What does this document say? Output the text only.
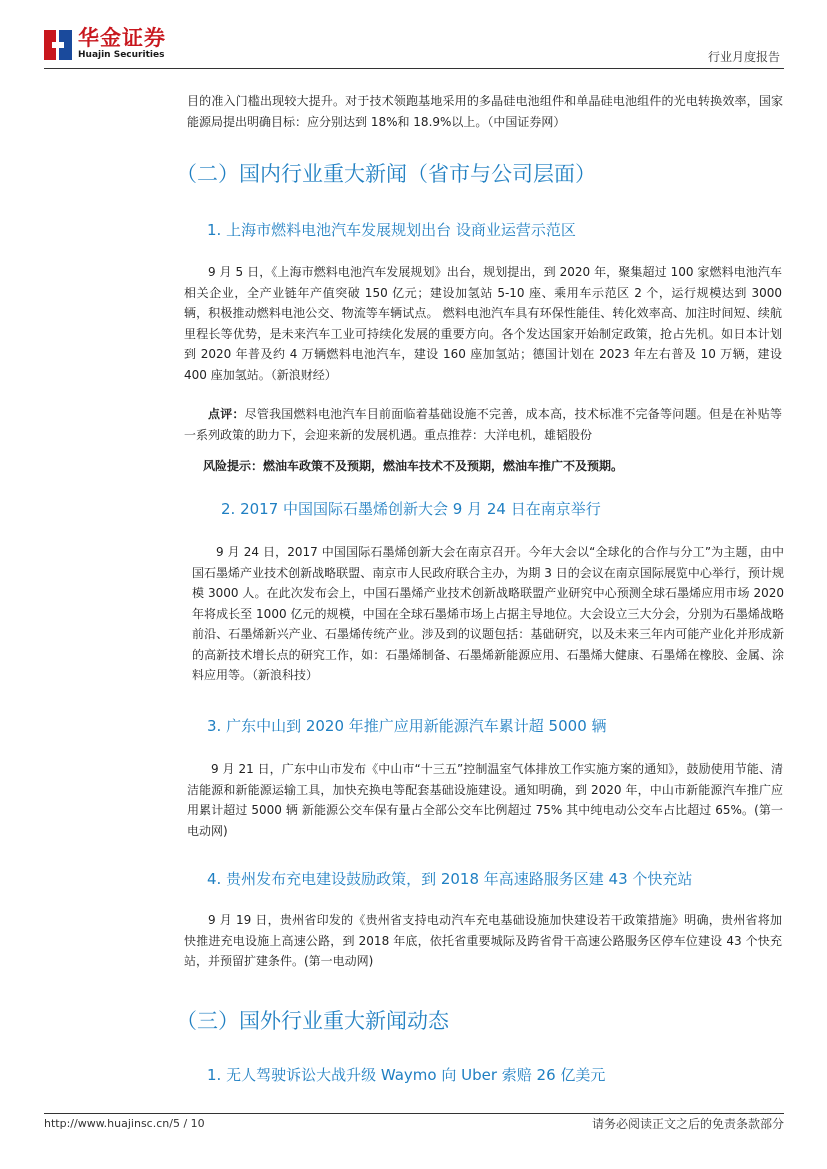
华金证券
Huajin Securities	行业月度报告
目的准入门槛出现较大提升。对于技术领跑基地采用的多晶硅电池组件和单晶硅电池组件的光电转换效率，国家能源局提出明确目标：应分别达到 18%和 18.9%以上。（中国证券网）
（二）国内行业重大新闻（省市与公司层面）
1. 上海市燃料电池汽车发展规划出台 设商业运营示范区
9 月 5 日，《上海市燃料电池汽车发展规划》出台，规划提出，到 2020 年，聚集超过 100 家燃料电池汽车相关企业，全产业链年产值突破 150 亿元；建设加氢站 5-10 座、乘用车示范区 2 个，运行规模达到 3000 辆，积极推动燃料电池公交、物流等车辆试点。 燃料电池汽车具有环保性能佳、转化效率高、加注时间短、续航里程长等优势，是未来汽车工业可持续化发展的重要方向。各个发达国家开始制定政策，抢占先机。如日本计划到 2020 年普及约 4 万辆燃料电池汽车，建设 160 座加氢站；德国计划在 2023 年左右普及 10 万辆，建设 400 座加氢站。（新浪财经）
点评：尽管我国燃料电池汽车目前面临着基础设施不完善，成本高，技术标准不完备等问题。但是在补贴等一系列政策的助力下，会迎来新的发展机遇。重点推荐：大洋电机，雄韬股份
风险提示：燃油车政策不及预期，燃油车技术不及预期，燃油车推广不及预期。
2. 2017 中国国际石墨烯创新大会 9 月 24 日在南京举行
9 月 24 日，2017 中国国际石墨烯创新大会在南京召开。今年大会以“全球化的合作与分工”为主题，由中国石墨烯产业技术创新战略联盟、南京市人民政府联合主办，为期 3 日的会议在南京国际展览中心举行，预计规模 3000 人。在此次发布会上，中国石墨烯产业技术创新战略联盟产业研究中心预测全球石墨烯应用市场 2020 年将成长至 1000 亿元的规模，中国在全球石墨烯市场上占据主导地位。大会设立三大分会，分别为石墨烯战略前沿、石墨烯新兴产业、石墨烯传统产业。涉及到的议题包括：基础研究，以及未来三年内可能产业化并形成新的高新技术增长点的研究工作，如：石墨烯制备、石墨烯新能源应用、石墨烯大健康、石墨烯在橡胶、金属、涂料应用等。（新浪科技）
3. 广东中山到 2020 年推广应用新能源汽车累计超 5000 辆
9 月 21 日，广东中山市发布《中山市“十三五”控制温室气体排放工作实施方案的通知》，鼓励使用节能、清洁能源和新能源运输工具，加快充换电等配套基础设施建设。通知明确，到 2020 年，中山市新能源汽车推广应用累计超过 5000 辆 新能源公交车保有量占全部公交车比例超过 75% 其中纯电动公交车占比超过 65%。(第一电动网)
4. 贵州发布充电建设鼓励政策，到 2018 年高速路服务区建 43 个快充站
9 月 19 日，贵州省印发的《贵州省支持电动汽车充电基础设施加快建设若干政策措施》明确，贵州省将加快推进充电设施上高速公路，到 2018 年底，依托省重要城际及跨省骨干高速公路服务区停车位建设 43 个快充站，并预留扩建条件。(第一电动网)
（三）国外行业重大新闻动态
1. 无人驾驶诉讼大战升级 Waymo 向 Uber 索赔 26 亿美元
http://www.huajinsc.cn/5 / 10	请务必阅读正文之后的免责条款部分
